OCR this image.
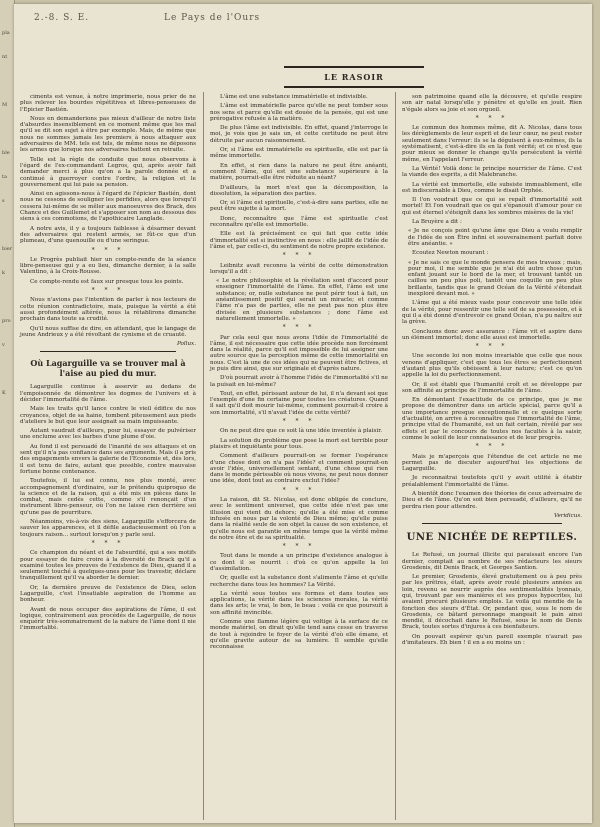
pla
nt
M
ble
ta
s
bier
k
pro
v
K
2.-8. S. E.	Le Pays de l'Ours
LE RASOIR

ciments est venue, à notre imprimerie, nous prier de ne plus relever les bourdes répétitives et libres-penseuses de l'Epicier Bastién.

Nous en demanderions pas mieux d'ailleur de notre liste d'absurdes insensiblement en ce moment même que les mal qu'il se dit son sujet à être par exemple. Mais, de même que nous ne sommes jamais les premiers à nous attaquer aux adversaires de MM. tels est tels, de même nous ne déposons les armes que lorsque nos adversaires battent en retraite.

Telle est la règle de conduite que nous observons à l'égard de l'ex-commandant Legros, qui, après avoir fait demander merci à plus qu'on a la parole donnée et a continué à guerroyer contre l'ordre, la religion et le gouvernement qui lui paie sa pension.

Ainsi en agissons-nous à l'égard de l'épicier Bastién, dont nous ne cessons de souligner les perfidies, alors que lorsqu'il cessera lui-même de se mêler aux manoeuvres des Brack, des Chance et des Guillemet et s'apposer son nom au dessous des siens à ces commotions, de l'apothicaire Langlade.

A notre avis, il y a toujours faiblesse à désarmer devant des adversaires qui restent armés, se fût-ce que d'un plumeau, d'une quenouille ou d'une seringue.

* * *

Le Progrès publiait hier un compte-rendu de la séance libre-penseuse qui y a eu lieu, dimanche dernier, à la salle Valentino, à la Croix-Rousse.

Ce compte-rendu est faux sur presque tous les points.

* * *

Nous n'avions pas l'intention de parler à nos lecteurs de cette réunion contradictoire, mais, puisque la vérité a été aussi profondément altérée, nous la rétablirons dimanche prochain dans toute sa crudité.

Qu'il nous suffise de dire, en attendant, que le langage de jeune Andrieux y a été révoltant de cynisme et de cruauté.

Pollux.

Où Lagarguille va se trouver mal à l'aise au pied du mur.

Lagarguille continue à asservir au dedans de l'empoisonnée de démontrer les dogmes de l'univers et à décider l'immortalité de l'âme.

Mais les traits qu'il lance contre le vieil édifice de nos croyances, objet de sa haine, tombent piteusement aux pieds d'ateliers le but que leur assignait sa main impuissante.

Autant vaudrait d'ailleurs, pour lui, essayer de pulvériser une enclume avec les barbes d'une plume d'oie.

Au fond il est persuadé de l'inanité de ses attaques et on sent qu'il n'a pas confiance dans ses arguments. Mais il a pris des engagements envers la galerie de l'Economie et, dès lors, il est tenu de faire, autant que possible, contre mauvaise fortune bonne contenance.

Toutefois, il lui est connu, nos plus monté, avec accompagnement d'ordinaire, sur le prétendu quiproquo de la science et de la raison, qui a été mis en pièces dans le combat, mais cedès cette, comme s'il renonçait d'un instrument libre-penseur, où l'on ne laisse rien derrière soi qu'une pas de pourriture.

Néanmoins, vis-à-vis des siens, Lagarguille s'efforcera de sauver les apparences, et il défile audacieusement où l'on a toujours raison... surtout lorsqu'on y parle seul.

* * *

Ce champion du néant et de l'absurdité, qui a ses motifs pour essayer de faire croire à la diversité de Brack qu'il a examiné toutes les preuves de l'existence de Dieu, quand il a seulement touché à quelques-unes pour les travestir, déclare tranquillement qu'il va aborder le dernier.

Or, la dernière preuve de l'existence de Dieu, selon Lagarguille, c'est l'insatiable aspiration de l'homme au bonheur.

Avant de nous occuper des aspirations de l'âme, il est logique, contrairement aux procédés de Lagarguille, de nous enquérir très-sommairement de la nature de l'âme dont il nie l'immortalité.

L'âme est une substance immatérielle et indivisible.

L'âme est immatérielle parce qu'elle ne peut tomber sous nos sens et parce qu'elle est douée de la pensée, qui est une prérogative refusée à la matière.

De plus l'âme est indivisible. En effet, quand j'interroge le moi, je vois que je sais un, et cette certitude ne peut être détruite par aucun raisonnement.

Or, si l'âme est immatérielle ou spirituelle, elle est par là même immortelle.

En effet, si rien dans la nature ne peut être anéanti, comment l'âme, qui est une substance supérieure à la matière, pourrait-elle être réduite au néant?

D'ailleurs, la mort n'est que la décomposition, la dissolution, la séparation des parties.

Or, si l'âme est spirituelle, c'est-à-dire sans parties, elle ne peut être sujette à la mort.

Donc, reconnaître que l'âme est spirituelle c'est reconnaître qu'elle est immortelle.

Elle est là précisément ce qui fait que cette idée d'immortalité est si instinctive en nous : elle jaillit de l'idée de l'âme et, par celle-ci, du sentiment de notre propre existence.

* * *

Leibnitz avait reconnu la vérité de cette démonstration lorsqu'il a dit :

« Le notre philosophie et la révélation sont d'accord pour enseigner l'immortalité de l'âme. En effet, l'âme est une substance; or, nulle substance ne peut périr tout à fait, un anéantissement positif qui serait un miracle; et comme l'âme n'a pas de parties, elle ne peut pas non plus être divisée en plusieurs substances ; donc l'âme est naturellement immortelle. »

* * *

Par cela seul que nous avons l'idée de l'immortalité de l'âme, il est nécessaire que cette idée procède non forcément dans la réalité, parce qu'il est impossible de lui assigner une autre source que la perception même de cette immortalité en nous. C'est là une de ces idées qui ne peuvent être fictives, et je puis dire ainsi, que sur originale et d'après nature.

D'où pourrait avoir à l'homme l'idée de l'immortalité s'il ne la puisait en lui-même?

Tout, en effet, périssant autour de lui, il n'a devant soi que l'exemple d'une fin certaine pour toutes les créatures. Quand il sait qu'il doit mourir lui-même, comment pourrait-il croire à son immortalité, s'il n'avait l'idée de cette vérité?

* * *

On ne peut dire que ce soit là une idée inventée à plaisir.

La solution du problème que pose la mort est terrible pour plaisirs et inquiétante pour tous.

Comment d'ailleurs pourrait-on se former l'espérance d'une chose dont on n'a pas l'idée? et comment pourrait-on avoir l'idée, universellement sentant, d'une chose qui rien dans le monde périssable où nous vivons, ne peut nous donner une idée, dont tout au contraire exclut l'idée?

* * *

La raison, dit St. Nicolas, est donc obligée de conclure, avec le sentiment universel, que cette idée n'est pas une illusion qui vient du dehors; qu'elle a été mise et comme infusée en nous par la volonté de Dieu même; qu'elle puise dans la réalité seule de son objet la cause de son existence, et qu'elle nous est garantie en même temps que la vérité même de notre être et de sa spiritualité.

* * *

Tout dans le monde a un principe d'existence analogue à ce dont il se nourrit : d'où ce qu'on appelle la loi d'assimilation.

Or, quelle est la substance dont s'alimente l'âme et qu'elle recherche dans tous les hommes? La Vérité.

La vérité sous toutes ses formes et dans toutes ses applications, la vérité dans les sciences morales, la vérité dans les arts; le vrai, le bon, le beau : voilà ce que poursuit à son affinité invincible.

Comme une flamme légère qui voltige à la surface de ce monde matériel, on dirait qu'elle tend sans cesse en traverse de tout à rejoindre le foyer de la vérité d'où elle émane, et qu'elle gravite autour de sa lumière. Il semble qu'elle reconnaisse

son patrimoine quand elle la découvre, et qu'elle respire son air natal lorsqu'elle y pénètre et qu'elle en jouit. Rien n'égale alors sa joie et son orgueil.

* * *

Le commun des hommes même, dit A. Nicolas, dans tous les dérèglements de leur esprit et de leur cœur, ne peut rester seulement dans l'erreur: ils se la déguisent à eux-mêmes, ils la systématisent, c'est-à-dire ils en la font vérité; et ce n'est que pour mieux se donner le change qu'ils persécutent la vérité même, en l'appelant l'erreur.

La Vérité! Voilà donc le principe nourricier de l'âme. C'est la viande des esprits, a dit Malebranche.

La vérité est immortelle, elle subsiste immuablement, elle est indiscernable à Dieu, comme le disait Orphée.

Il l'on voudrait que ce qui se repaît d'immortalité soit mortel! Et l'on voudrait que ce qui s'épanouit d'amour pour ce qui est éternel s'éteignît dans les sombres misères de la vie!

La Bruyère a dit :

« Je ne conçois point qu'une âme que Dieu a voulu remplir de l'idée de son Être infini et souverainement parfait doive être anéantie. »

Ecoutez Newton mourant :

« Je ne sais ce que le monde pensera de mes travaux ; mais, pour moi, il me semble que je n'ai été autre chose qu'un enfant jouant sur le bord de la mer, et trouvant tantôt un caillou un peu plus poli, tantôt une coquille un peu plus brillante, tandis que le grand Océan de la Vérité s'étendait inexploré devant moi. »

L'âme qui a été mieux vaste pour concevoir une telle idée de la vérité, pour ressentir une telle soif de sa possession, et à qui il a été donné d'entrevoir ce grand Océan, n'a pu naître sur la grève.

Concluons donc avec assurance : l'âme vit et aspire dans un élément immortel; donc elle aussi est immortelle.

* * *

Une seconde loi non moins invariable que celle que nous venons d'appliquer, c'est que tous les êtres se perfectionnent d'autant plus qu'ils obéissent à leur nature; c'est ce qu'on appelle la loi du perfectionnement.

Or, il est établi que l'humanité croît et se développe par son affinité au principe de l'immortalité de l'âme.

En démontant l'exactitude de ce principe, que je me propose de démontrer dans un article spécial, parce qu'il a une importance presque exceptionnelle et ce quelque sorte d'actualité, on arrive à reconnaître que l'immortalité de l'âme, principe vital de l'humanité, est un fait certain, révélé par ses effets et par le concours de toutes nos facultés à la saisir, comme le soleil de leur connaissance et de leur progrès.

* * *

Mais je m'aperçois que l'étendue de cet article ne me permet pas de discuter aujourd'hui les objections de Lagarguille.

Je reconnaitrai toutefois qu'il y avait utilité à établir préalablement l'immortalité de l'âme.

A bientôt donc l'examen des théories de ceux adversaire de Dieu et de l'âme. Qu'on soit bien persuadé, d'ailleurs, qu'il ne perdra rien pour attendre.

Veridicus.

UNE NICHÉE DE REPTILES.

Le Refusé, un journal illicite qui paraissait encore l'an dernier, comptait au nombre de ses rédacteurs les sieurs Grosdenis, dit Denis Brack, et Georges Santion.

Le premier, Grosdenis, élevé gratuitement ou à peu près par les prêtres, était, après avoir roulé plusieurs années au loin, revenu se nourrir auprès des sentimentalités lyonnais, qui, trouvant par ses manières et ses propos hypocrites, lui avaient procuré plusieurs emplois. Le voilà qui mendie de la fonction des sieurs d'État. Or, pendant que, sous le nom de Grosdenis, ce bâtard personnage mangeait le pain ainsi mendié, il décochait dans le Refusé, sous le nom de Denis Brack, toutes sortes d'injures à ces bienfaiteurs.

On pouvait espérer qu'un pareil exemple n'aurait pas d'imitateurs. Eh bien ! il en a eu moins un :
